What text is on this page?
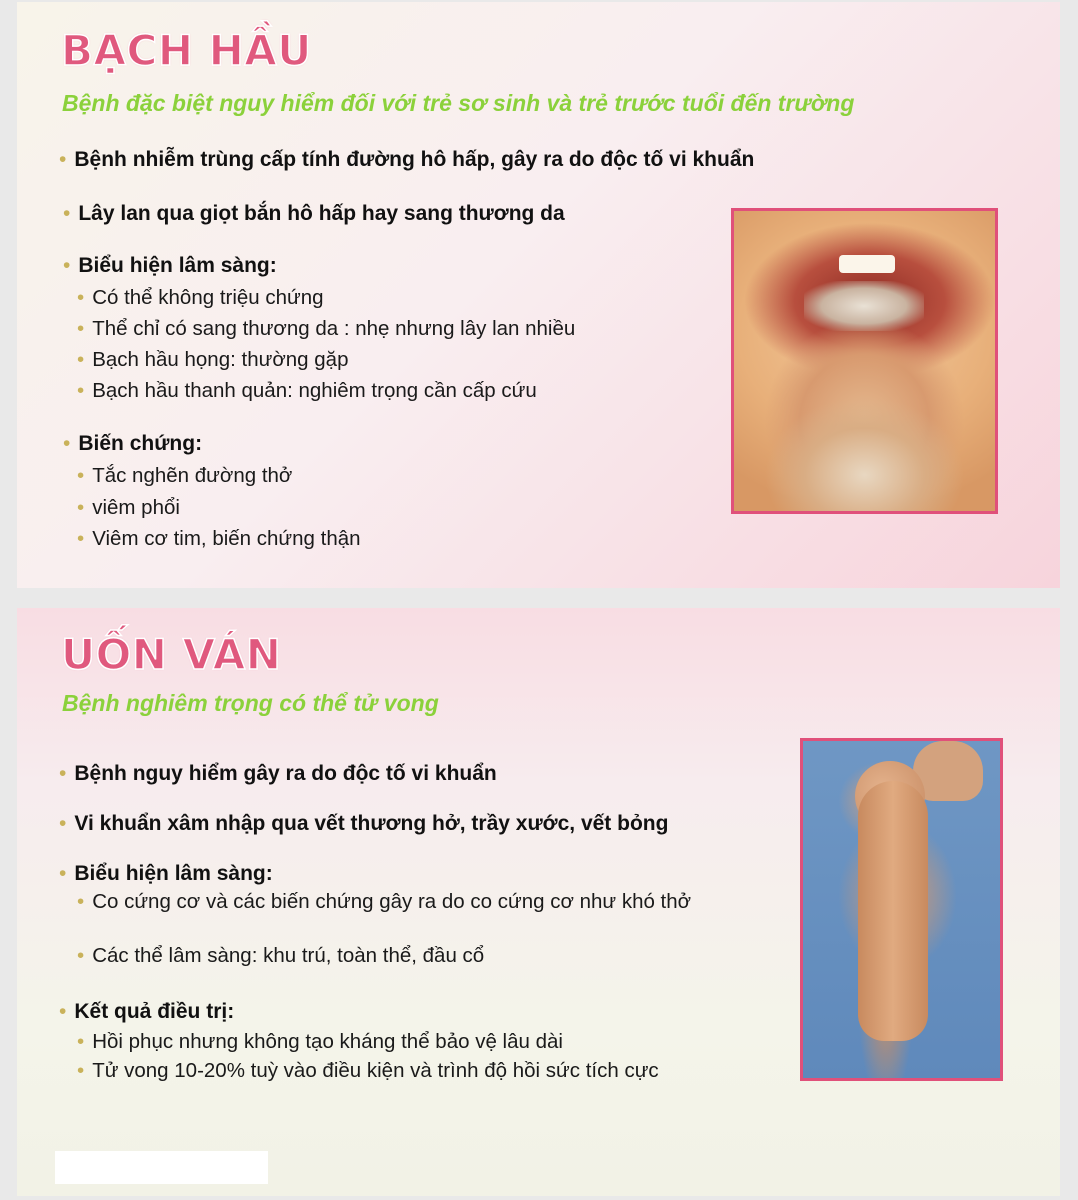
BẠCH HẦU
Bệnh đặc biệt nguy hiểm đối với trẻ sơ sinh và trẻ trước tuổi đến trường
• Bệnh nhiễm trùng cấp tính đường hô hấp, gây ra do độc tố vi khuẩn
• Lây lan qua giọt bắn hô hấp hay sang thương da
• Biểu hiện lâm sàng:
• Có thể không triệu chứng
• Thể chỉ có sang thương da : nhẹ nhưng lây lan nhiều
• Bạch hầu họng: thường gặp
• Bạch hầu thanh quản: nghiêm trọng cần cấp cứu
• Biến chứng:
• Tắc nghẽn đường thở
• viêm phổi
• Viêm cơ tim, biến chứng thận
UỐN VÁN
Bệnh nghiêm trọng có thể tử vong
• Bệnh nguy hiểm gây ra do độc tố vi khuẩn
• Vi khuẩn xâm nhập qua vết thương hở, trầy xước, vết bỏng
• Biểu hiện lâm sàng:
• Co cứng cơ và các biến chứng gây ra do co cứng cơ như khó thở
• Các thể lâm sàng: khu trú, toàn thể, đầu cổ
• Kết quả điều trị:
• Hồi phục nhưng không tạo kháng thể bảo vệ lâu dài
• Tử vong 10-20% tuỳ vào điều kiện và trình độ hồi sức tích cực
